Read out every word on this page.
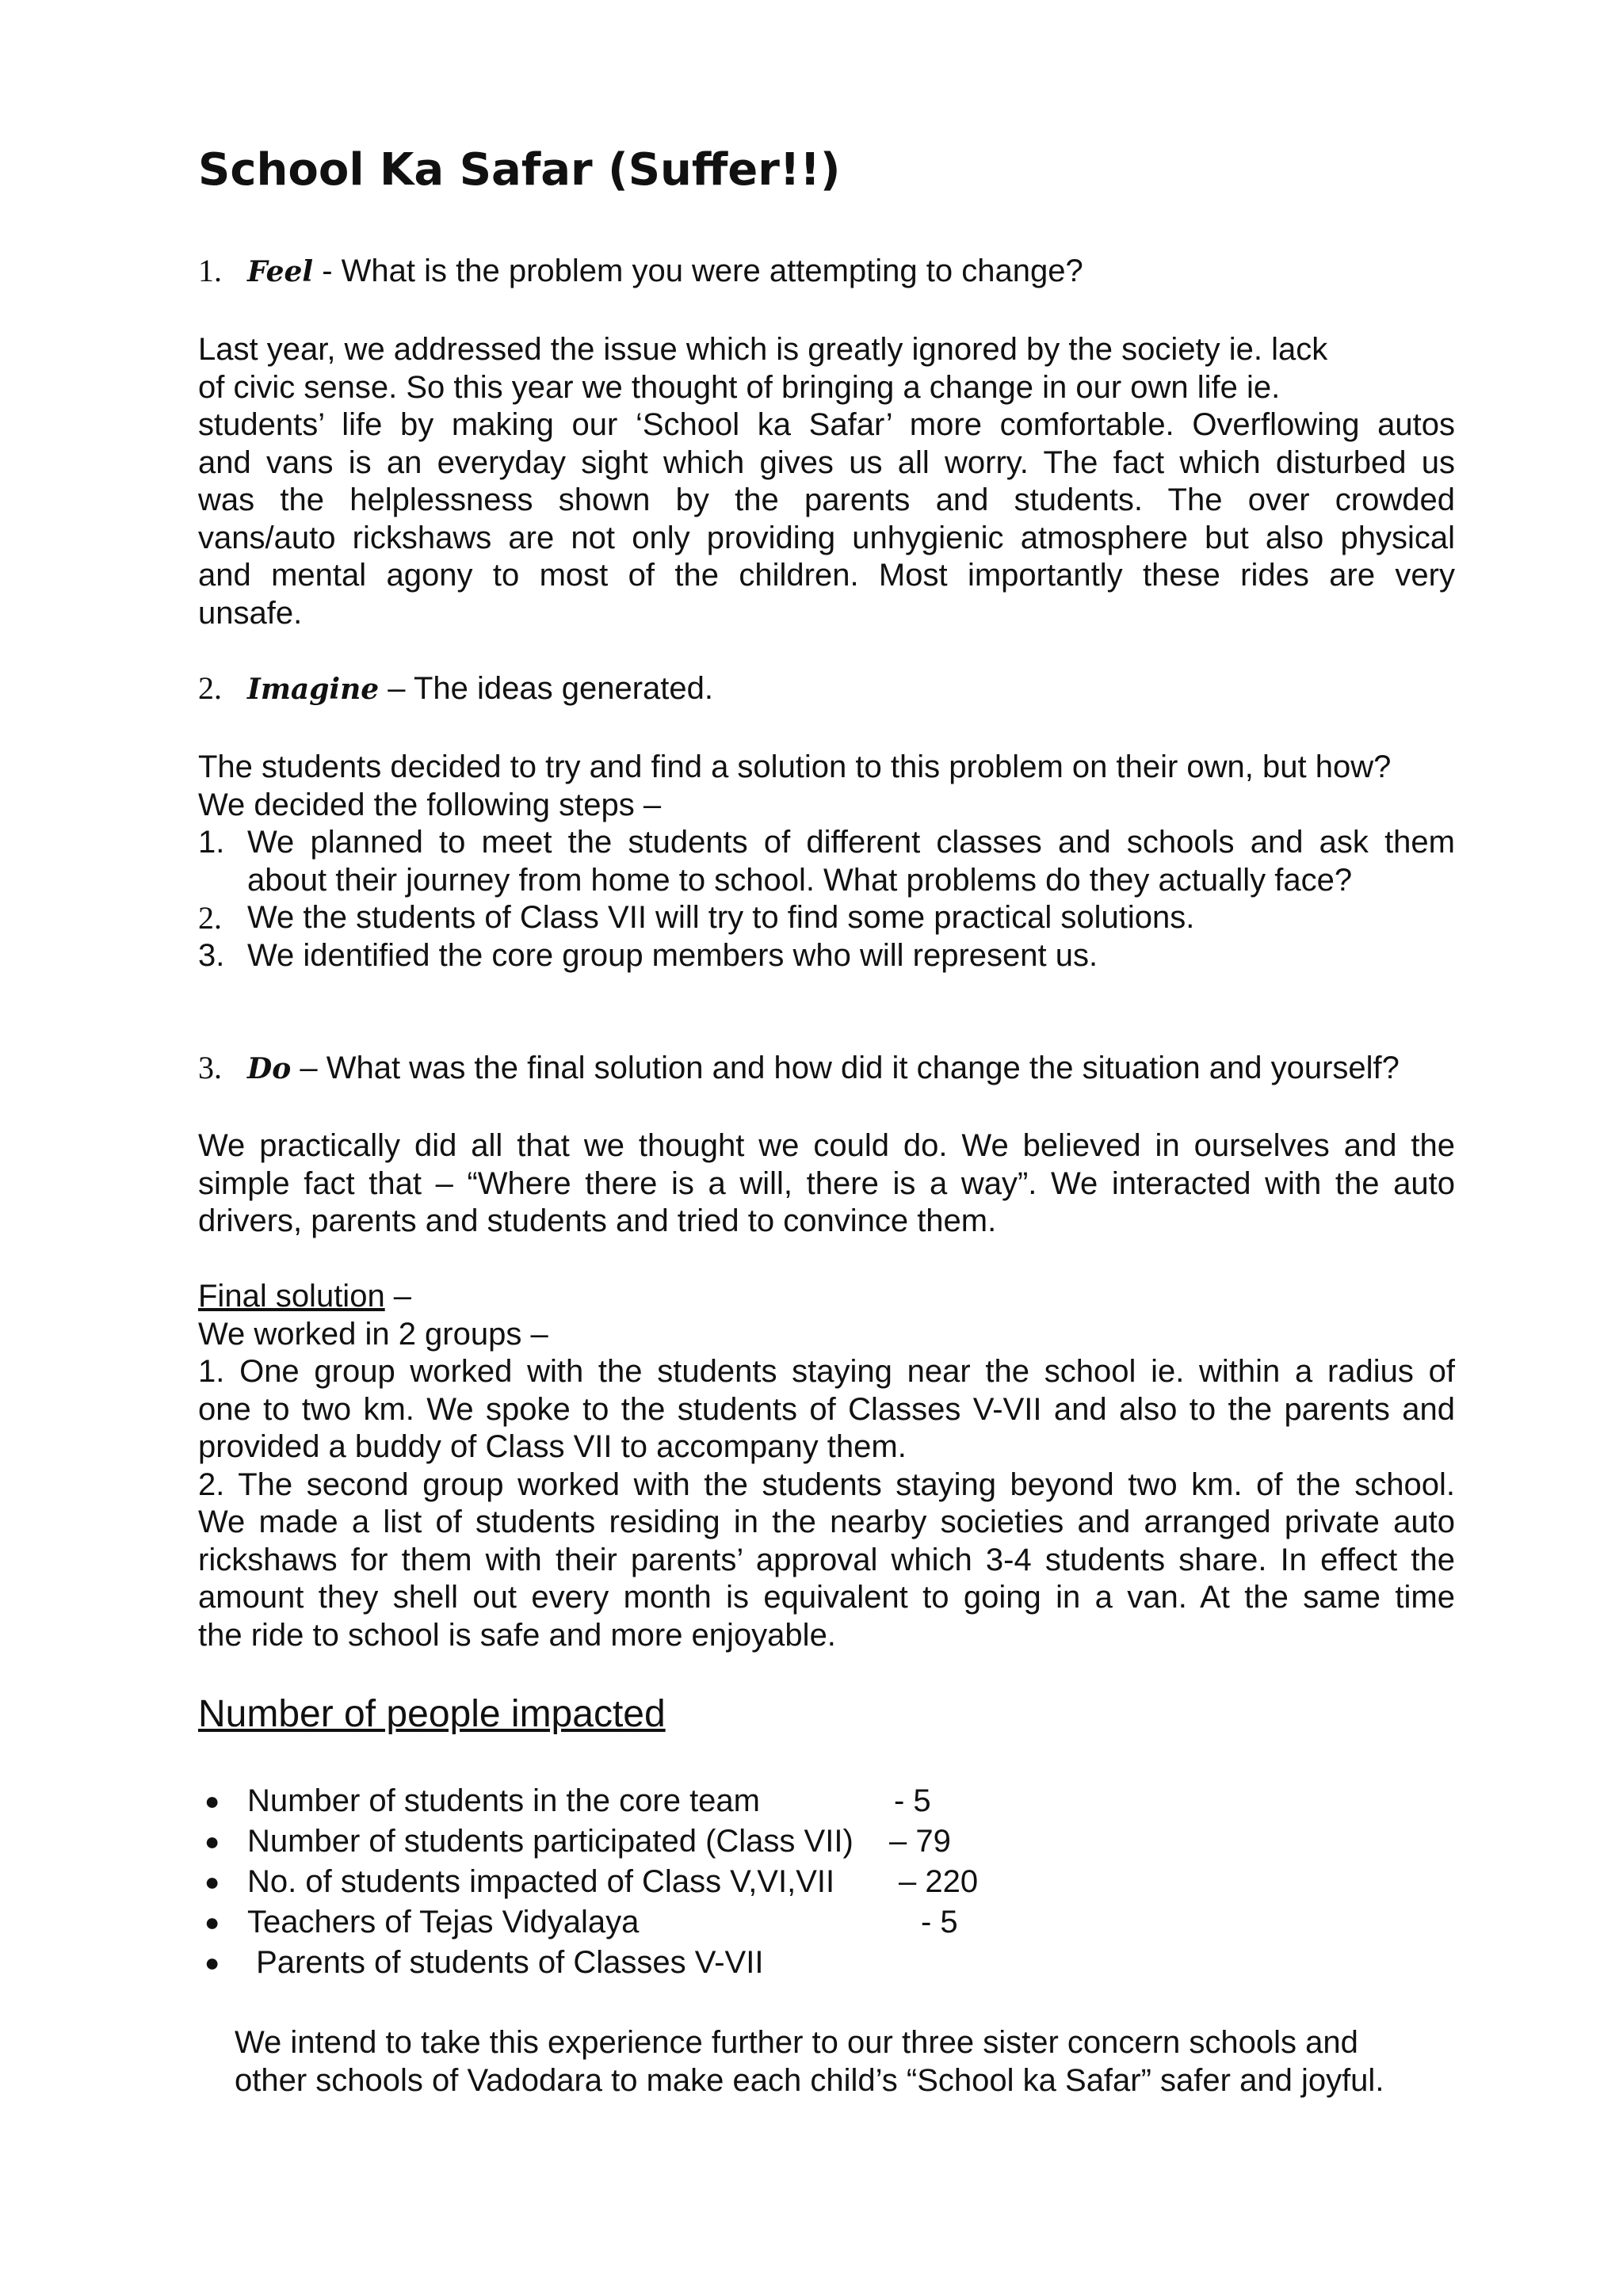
School Ka Safar (Suffer!!)
1. Feel - What is the problem you were attempting to change?
Last year, we addressed the issue which is greatly ignored by the society ie. lack
of civic sense. So this year we thought of bringing a change in our own life ie.
students’ life by making our ‘School ka Safar’ more comfortable. Overflowing autos
and vans is an everyday sight which gives us all worry. The fact which disturbed us
was the helplessness shown by the parents and students. The over crowded
vans/auto rickshaws are not only providing unhygienic atmosphere but also physical
and mental agony to most of the children. Most importantly these rides are very
unsafe.
2. Imagine – The ideas generated.
The students decided to try and find a solution to this problem on their own, but how?
We decided the following steps –
1. We planned to meet the students of different classes and schools and ask them
about their journey from home to school. What problems do they actually face?
2. We the students of Class VII will try to find some practical solutions.
3. We identified the core group members who will represent us.
3. Do – What was the final solution and how did it change the situation and yourself?
We practically did all that we thought we could do. We believed in ourselves and the
simple fact that – “Where there is a will, there is a way”. We interacted with the auto
drivers, parents and students and tried to convince them.
Final solution –
We worked in 2 groups –
1. One group worked with the students staying near the school ie. within a radius of
one to two km. We spoke to the students of Classes V-VII and also to the parents and
provided a buddy of Class VII to accompany them.
2. The second group worked with the students staying beyond two km. of the school.
We made a list of students residing in the nearby societies and arranged private auto
rickshaws for them with their parents’ approval which 3-4 students share. In effect the
amount they shell out every month is equivalent to going in a van. At the same time
the ride to school is safe and more enjoyable.
Number of people impacted
● Number of students in the core team	- 5
● Number of students participated (Class VII) – 79
● No. of students impacted of Class V,VI,VII – 220
● Teachers of Tejas Vidyalaya	- 5
● Parents of students of Classes V-VII
We intend to take this experience further to our three sister concern schools and
other schools of Vadodara to make each child’s “School ka Safar” safer and joyful.
